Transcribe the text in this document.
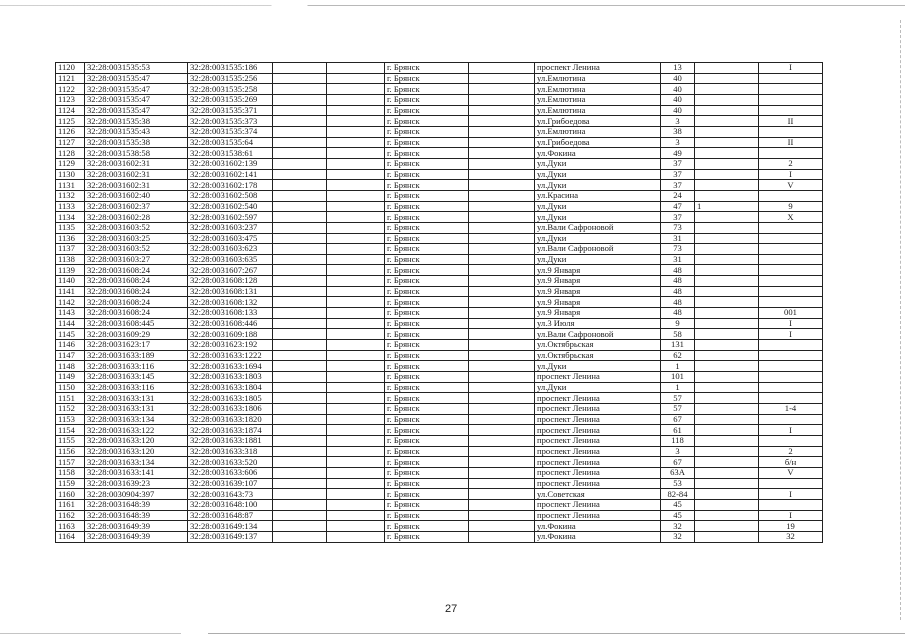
1120	32:28:0031535:53	32:28:0031535:186			г. Брянск		проспект Ленина	13		I
1121	32:28:0031535:47	32:28:0031535:256			г. Брянск		ул.Емлютина	40		
1122	32:28:0031535:47	32:28:0031535:258			г. Брянск		ул.Емлютина	40		
1123	32:28:0031535:47	32:28:0031535:269			г. Брянск		ул.Емлютина	40		
1124	32:28:0031535:47	32:28:0031535:371			г. Брянск		ул.Емлютина	40		
1125	32:28:0031535:38	32:28:0031535:373			г. Брянск		ул.Грибоедова	3		II
1126	32:28:0031535:43	32:28:0031535:374			г. Брянск		ул.Емлютина	38		
1127	32:28:0031535:38	32:28:0031535:64			г. Брянск		ул.Грибоедова	3		II
1128	32:28:0031538:58	32:28:0031538:61			г. Брянск		ул.Фокина	49		
1129	32:28:0031602:31	32:28:0031602:139			г. Брянск		ул.Дуки	37		2
1130	32:28:0031602:31	32:28:0031602:141			г. Брянск		ул.Дуки	37		I
1131	32:28:0031602:31	32:28:0031602:178			г. Брянск		ул.Дуки	37		V
1132	32:28:0031602:40	32:28:0031602:508			г. Брянск		ул.Красина	24		
1133	32:28:0031602:37	32:28:0031602:540			г. Брянск		ул.Дуки	47	1	9
1134	32:28:0031602:28	32:28:0031602:597			г. Брянск		ул.Дуки	37		X
1135	32:28:0031603:52	32:28:0031603:237			г. Брянск		ул.Вали Сафроновой	73		
1136	32:28:0031603:25	32:28:0031603:475			г. Брянск		ул.Дуки	31		
1137	32:28:0031603:52	32:28:0031603:623			г. Брянск		ул.Вали Сафроновой	73		
1138	32:28:0031603:27	32:28:0031603:635			г. Брянск		ул.Дуки	31		
1139	32:28:0031608:24	32:28:0031607:267			г. Брянск		ул.9 Января	48		
1140	32:28:0031608:24	32:28:0031608:128			г. Брянск		ул.9 Января	48		
1141	32:28:0031608:24	32:28:0031608:131			г. Брянск		ул.9 Января	48		
1142	32:28:0031608:24	32:28:0031608:132			г. Брянск		ул.9 Января	48		
1143	32:28:0031608:24	32:28:0031608:133			г. Брянск		ул.9 Января	48		001
1144	32:28:0031608:445	32:28:0031608:446			г. Брянск		ул.3 Июля	9		I
1145	32:28:0031609:29	32:28:0031609:188			г. Брянск		ул.Вали Сафроновой	58		I
1146	32:28:0031623:17	32:28:0031623:192			г. Брянск		ул.Октябрьская	131		
1147	32:28:0031633:189	32:28:0031633:1222			г. Брянск		ул.Октябрьская	62		
1148	32:28:0031633:116	32:28:0031633:1694			г. Брянск		ул.Дуки	1		
1149	32:28:0031633:145	32:28:0031633:1803			г. Брянск		проспект Ленина	101		
1150	32:28:0031633:116	32:28:0031633:1804			г. Брянск		ул.Дуки	1		
1151	32:28:0031633:131	32:28:0031633:1805			г. Брянск		проспект Ленина	57		
1152	32:28:0031633:131	32:28:0031633:1806			г. Брянск		проспект Ленина	57		1-4
1153	32:28:0031633:134	32:28:0031633:1820			г. Брянск		проспект Ленина	67		
1154	32:28:0031633:122	32:28:0031633:1874			г. Брянск		проспект Ленина	61		I
1155	32:28:0031633:120	32:28:0031633:1881			г. Брянск		проспект Ленина	118		
1156	32:28:0031633:120	32:28:0031633:318			г. Брянск		проспект Ленина	3		2
1157	32:28:0031633:134	32:28:0031633:520			г. Брянск		проспект Ленина	67		б/н
1158	32:28:0031633:141	32:28:0031633:606			г. Брянск		проспект Ленина	63А		V
1159	32:28:0031639:23	32:28:0031639:107			г. Брянск		проспект Ленина	53		
1160	32:28:0030904:397	32:28:0031643:73			г. Брянск		ул.Советская	82-84		I
1161	32:28:0031648:39	32:28:0031648:100			г. Брянск		проспект Ленина	45		
1162	32:28:0031648:39	32:28:0031648:87			г. Брянск		проспект Ленина	45		I
1163	32:28:0031649:39	32:28:0031649:134			г. Брянск		ул.Фокина	32		19
1164	32:28:0031649:39	32:28:0031649:137			г. Брянск		ул.Фокина	32		32
27
